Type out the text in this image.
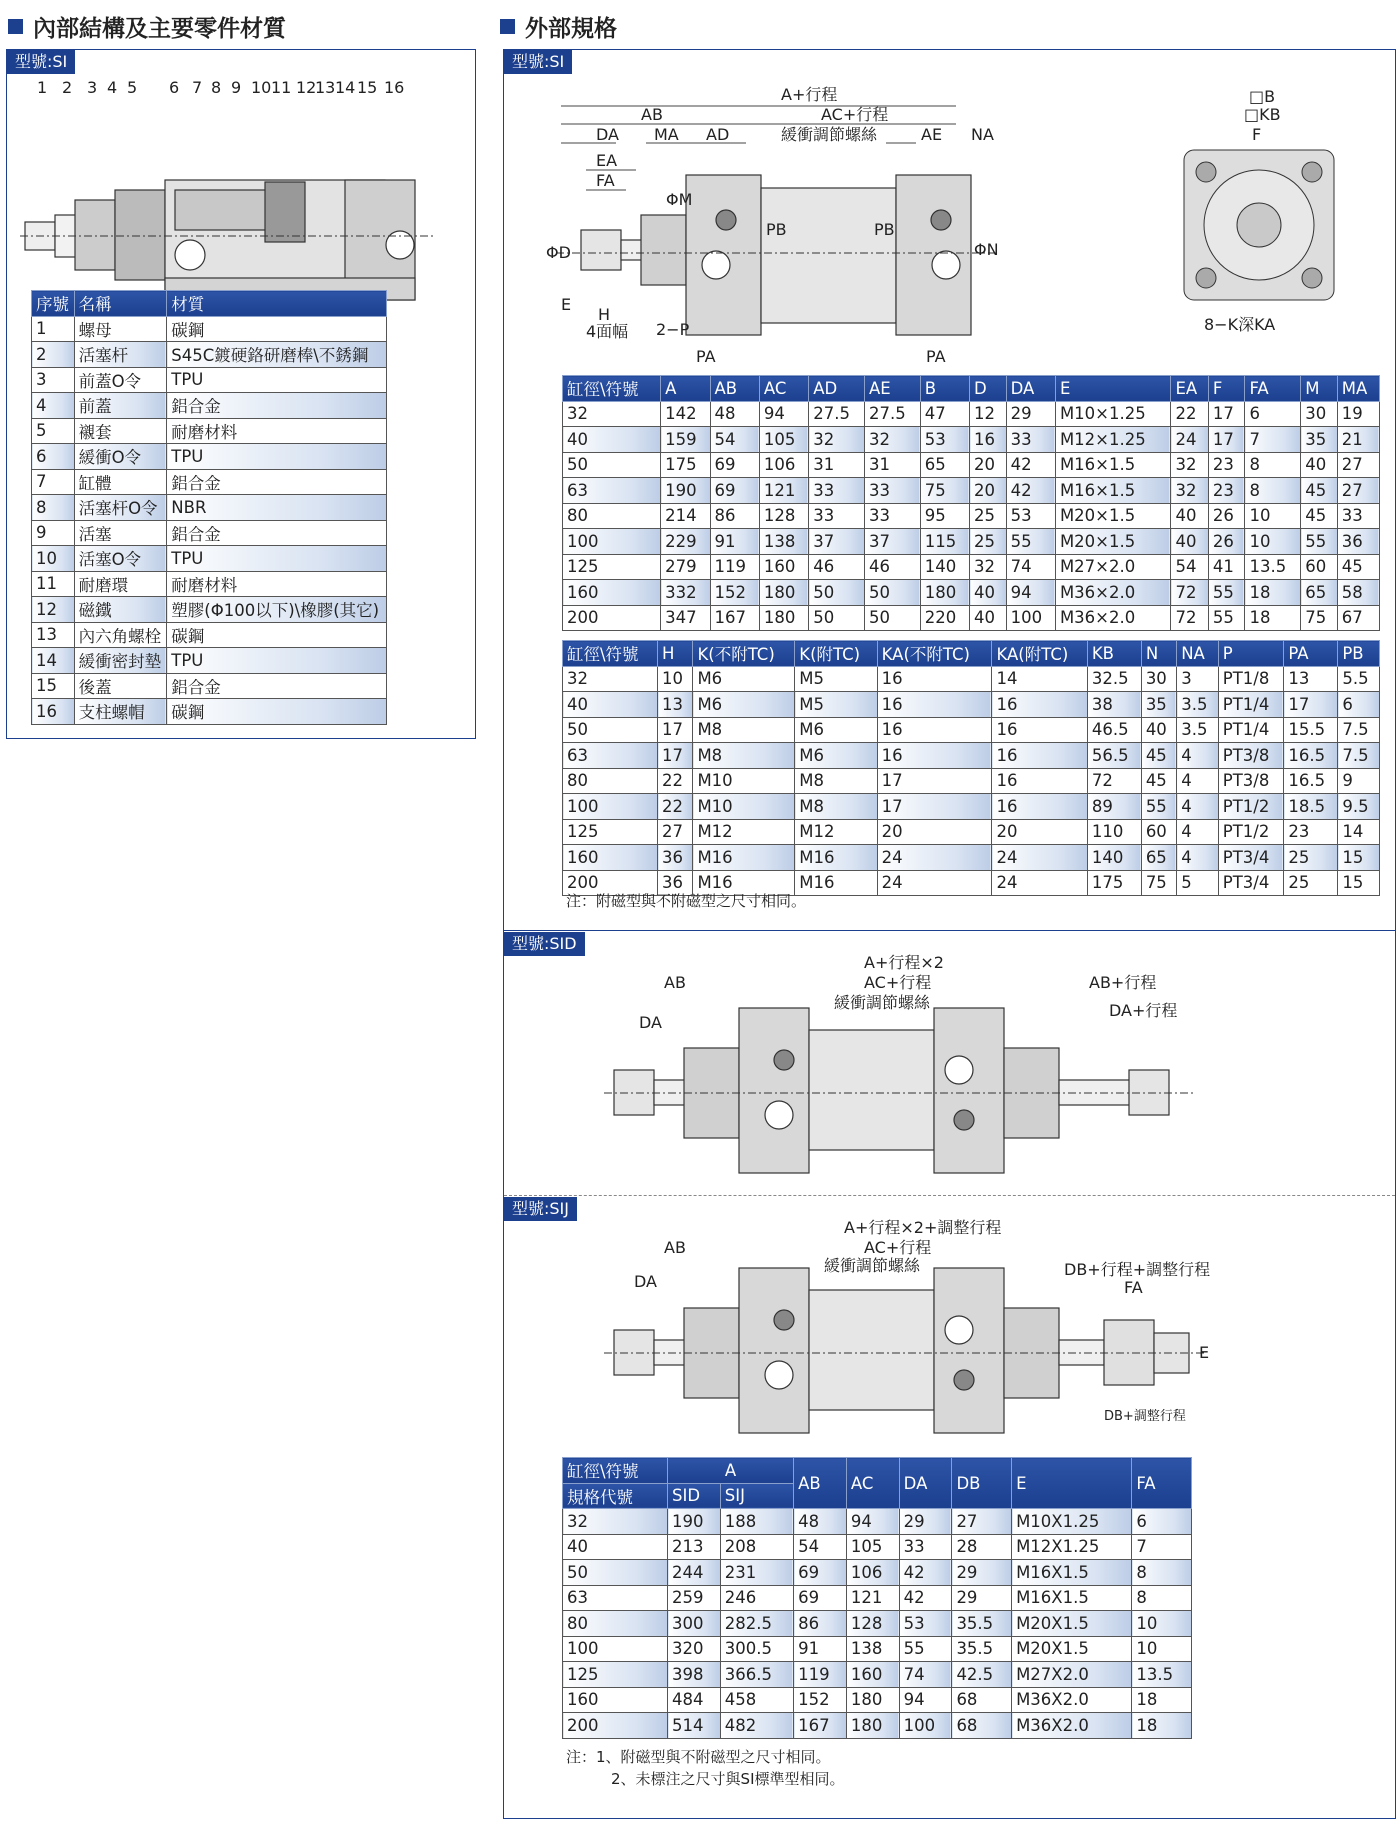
內部結構及主要零件材質
型號:SI
1 2 3 4 5 6 7 8 9 10 11 12
13 14 15 16
序號	名稱	材質
1	螺母	碳鋼
2	活塞杆	S45C鍍硬鉻研磨棒\不銹鋼
3	前蓋O令	TPU
4	前蓋	鋁合金
5	襯套	耐磨材料
6	緩衝O令	TPU
7	缸體	鋁合金
8	活塞杆O令	NBR
9	活塞	鋁合金
10	活塞O令	TPU
11	耐磨環	耐磨材料
12	磁鐵	塑膠(Φ100以下)\橡膠(其它)
13	內六角螺栓	碳鋼
14	緩衝密封墊	TPU
15	後蓋	鋁合金
16	支柱螺帽	碳鋼
外部規格
型號:SI
A+行程
AB	AC+行程
DA MA AD	緩衝調節螺絲	AE NA
EA
FA
ΦM
ΦD
PB	PB
ΦN
E
H
4面幅 2−P
PA	PA
□B
□KB
F
8−K深KA
缸徑\符號	A	AB	AC	AD	AE	B	D	DA	E	EA	F	FA	M	MA
32	142	48	94	27.5	27.5	47	12	29	M10×1.25	22	17	6	30	19
40	159	54	105	32	32	53	16	33	M12×1.25	24	17	7	35	21
50	175	69	106	31	31	65	20	42	M16×1.5	32	23	8	40	27
63	190	69	121	33	33	75	20	42	M16×1.5	32	23	8	45	27
80	214	86	128	33	33	95	25	53	M20×1.5	40	26	10	45	33
100	229	91	138	37	37	115	25	55	M20×1.5	40	26	10	55	36
125	279	119	160	46	46	140	32	74	M27×2.0	54	41	13.5	60	45
160	332	152	180	50	50	180	40	94	M36×2.0	72	55	18	65	58
200	347	167	180	50	50	220	40	100	M36×2.0	72	55	18	75	67
缸徑\符號	H	K(不附TC)	K(附TC)	KA(不附TC)	KA(附TC)	KB	N	NA	P	PA	PB
32	10	M6	M5	16	14	32.5	30	3	PT1/8	13	5.5
40	13	M6	M5	16	16	38	35	3.5	PT1/4	17	6
50	17	M8	M6	16	16	46.5	40	3.5	PT1/4	15.5	7.5
63	17	M8	M6	16	16	56.5	45	4	PT3/8	16.5	7.5
80	22	M10	M8	17	16	72	45	4	PT3/8	16.5	9
100	22	M10	M8	17	16	89	55	4	PT1/2	18.5	9.5
125	27	M12	M12	20	20	110	60	4	PT1/2	23	14
160	36	M16	M16	24	24	140	65	4	PT3/4	25	15
200	36	M16	M16	24	24	175	75	5	PT3/4	25	15
注：附磁型與不附磁型之尺寸相同。
型號:SID
A+行程×2
AB	AC+行程	AB+行程
緩衝調節螺絲
DA
DA+行程
型號:SIJ
A+行程×2+調整行程
AB	AC+行程
緩衝調節螺絲	DB+行程+調整行程
DA	FA
E
DB+調整行程
缸徑\符號	A		AB	AC	DA	DB	E	FA
規格代號	SID	SIJ						
32	190	188	48	94	29	27	M10X1.25	6
40	213	208	54	105	33	28	M12X1.25	7
50	244	231	69	106	42	29	M16X1.5	8
63	259	246	69	121	42	29	M16X1.5	8
80	300	282.5	86	128	53	35.5	M20X1.5	10
100	320	300.5	91	138	55	35.5	M20X1.5	10
125	398	366.5	119	160	74	42.5	M27X2.0	13.5
160	484	458	152	180	94	68	M36X2.0	18
200	514	482	167	180	100	68	M36X2.0	18
注：1、附磁型與不附磁型之尺寸相同。
2、未標注之尺寸與SI標準型相同。
